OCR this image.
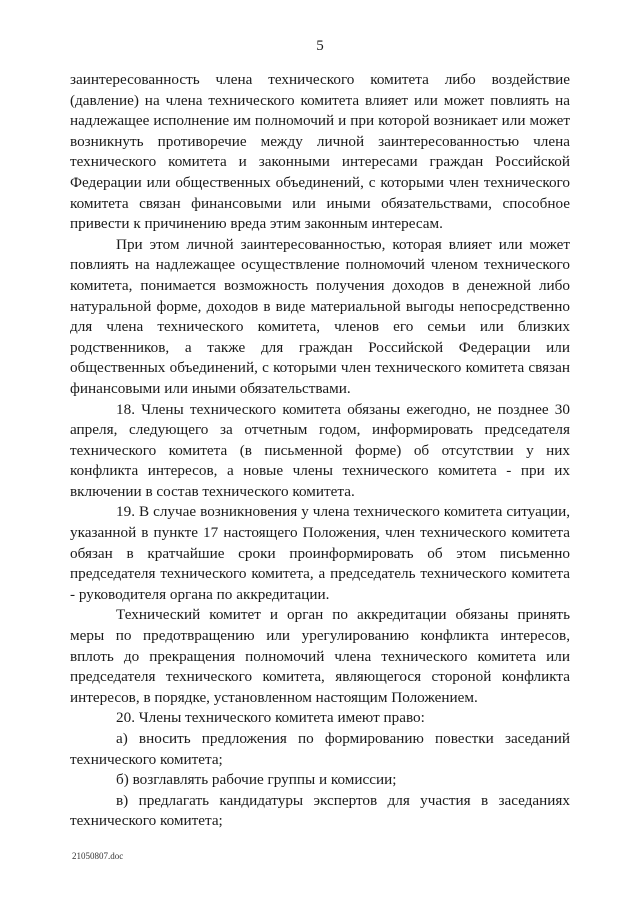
5

заинтересованность члена технического комитета либо воздействие (давление) на члена технического комитета влияет или может повлиять на надлежащее исполнение им полномочий и при которой возникает или может возникнуть противоречие между личной заинтересованностью члена технического комитета и законными интересами граждан Российской Федерации или общественных объединений, с которыми член технического комитета связан финансовыми или иными обязательствами, способное привести к причинению вреда этим законным интересам.

При этом личной заинтересованностью, которая влияет или может повлиять на надлежащее осуществление полномочий членом технического комитета, понимается возможность получения доходов в денежной либо натуральной форме, доходов в виде материальной выгоды непосредственно для члена технического комитета, членов его семьи или близких родственников, а также для граждан Российской Федерации или общественных объединений, с которыми член технического комитета связан финансовыми или иными обязательствами.

18. Члены технического комитета обязаны ежегодно, не позднее 30 апреля, следующего за отчетным годом, информировать председателя технического комитета (в письменной форме) об отсутствии у них конфликта интересов, а новые члены технического комитета - при их включении в состав технического комитета.

19. В случае возникновения у члена технического комитета ситуации, указанной в пункте 17 настоящего Положения, член технического комитета обязан в кратчайшие сроки проинформировать об этом письменно председателя технического комитета, а председатель технического комитета - руководителя органа по аккредитации.

Технический комитет и орган по аккредитации обязаны принять меры по предотвращению или урегулированию конфликта интересов, вплоть до прекращения полномочий члена технического комитета или председателя технического комитета, являющегося стороной конфликта интересов, в порядке, установленном настоящим Положением.

20. Члены технического комитета имеют право:

а) вносить предложения по формированию повестки заседаний технического комитета;

б) возглавлять рабочие группы и комиссии;

в) предлагать кандидатуры экспертов для участия в заседаниях технического комитета;

21050807.doc
